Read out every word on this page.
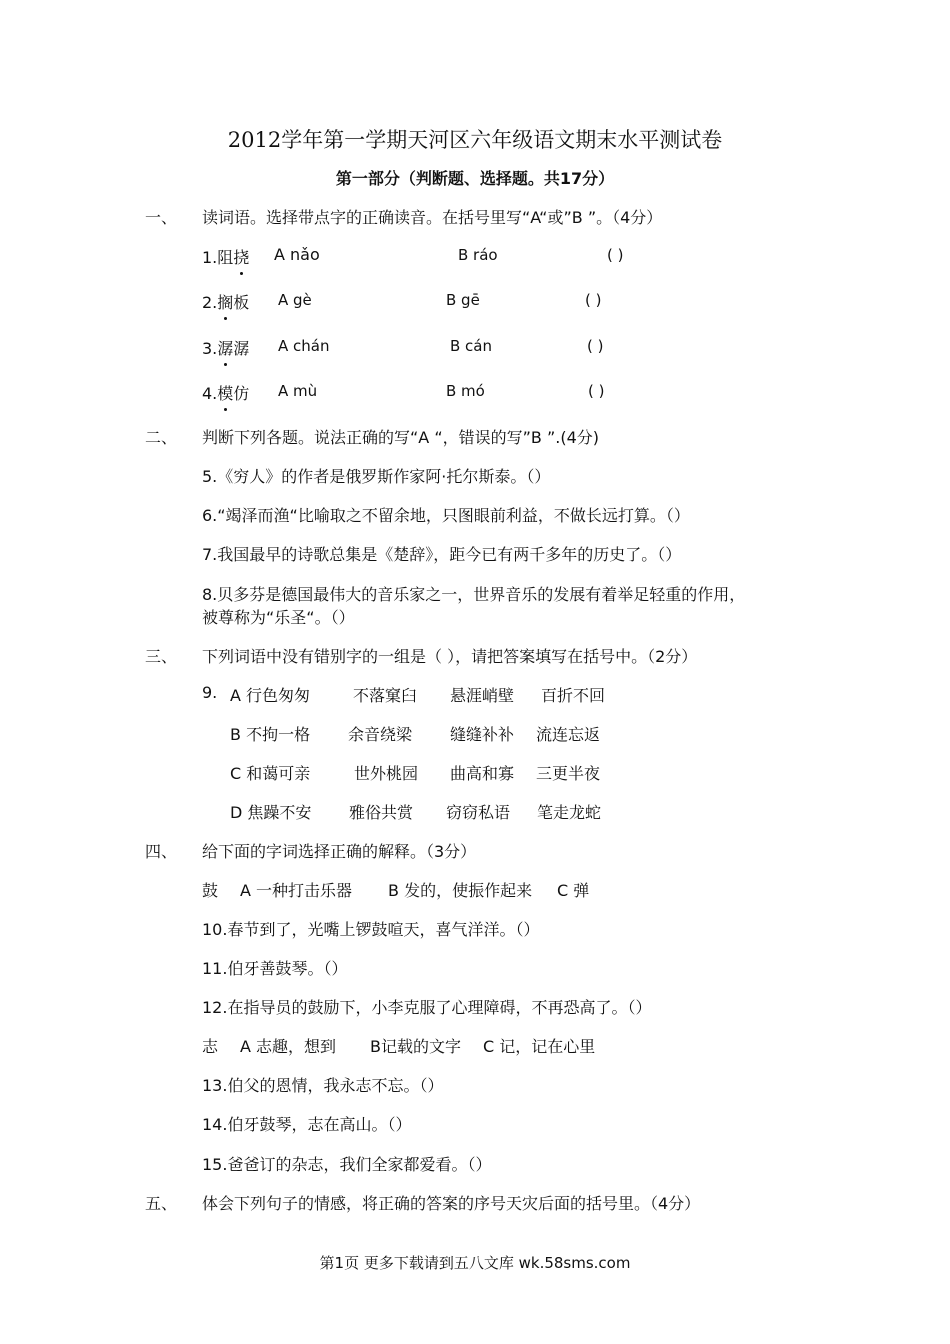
2012学年第一学期天河区六年级语文期末水平测试卷
第一部分（判断题、选择题。共17分）
一、 读词语。选择带点字的正确读音。在括号里写“A“或”B ”。（4分）
1.阻挠 A nǎo	B ráo	( )
2.搁板 A gè	B gē	( )
3.潺潺 A chán	B cán	( )
4.模仿 A mù	B mó	( )
二、 判断下列各题。说法正确的写“A “，错误的写”B ”.(4分)
5.《穷人》的作者是俄罗斯作家阿·托尔斯泰。（）
6.“竭泽而渔“比喻取之不留余地，只图眼前利益，不做长远打算。（）
7.我国最早的诗歌总集是《楚辞》，距今已有两千多年的历史了。（）
8.贝多芬是德国最伟大的音乐家之一，世界音乐的发展有着举足轻重的作用，
被尊称为“乐圣“。（）
三、 下列词语中没有错别字的一组是（ ），请把答案填写在括号中。（2分）
9. A 行色匆匆	不落窠臼 悬涯峭壁 百折不回
B 不拘一格 余音绕梁 缝缝补补 流连忘返
C 和蔼可亲	世外桃园 曲高和寡 三更半夜
D 焦躁不安 雅俗共赏 窃窃私语 笔走龙蛇
四、 给下面的字词选择正确的解释。（3分）
鼓 A 一种打击乐器 B 发的，使振作起来 C 弹
10.春节到了，光嘴上锣鼓喧天，喜气洋洋。（）
11.伯牙善鼓琴。（）
12.在指导员的鼓励下，小李克服了心理障碍，不再恐高了。（）
志 A 志趣，想到 B记载的文字 C 记，记在心里
13.伯父的恩情，我永志不忘。（）
14.伯牙鼓琴，志在高山。（）
15.爸爸订的杂志，我们全家都爱看。（）
五、 体会下列句子的情感，将正确的答案的序号天灾后面的括号里。（4分）
第1页 更多下载请到五八文库 wk.58sms.com
